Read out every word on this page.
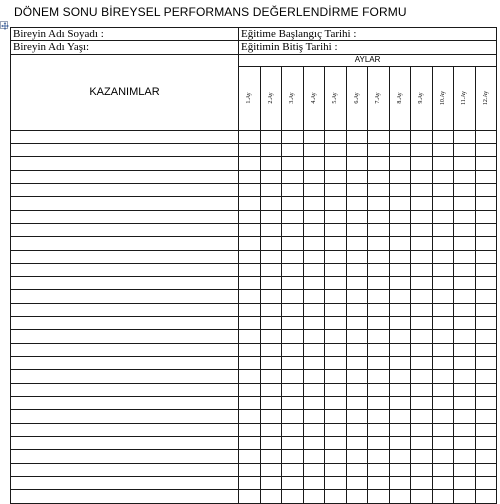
DÖNEM SONU BİREYSEL PERFORMANS DEĞERLENDİRME FORMU
Bireyin Adı Soyadı :	Eğitime Başlangıç Tarihi :											
Bireyin Adı Yaşı:	Eğitimin Bitiş Tarihi :											
KAZANIMLAR	AYLAR											

	1.Ay	2.Ay	3.Ay	4.Ay	5.Ay	6.Ay	7.Ay	8.Ay	9.Ay	10.Ay	11.Ay	12.Ay
